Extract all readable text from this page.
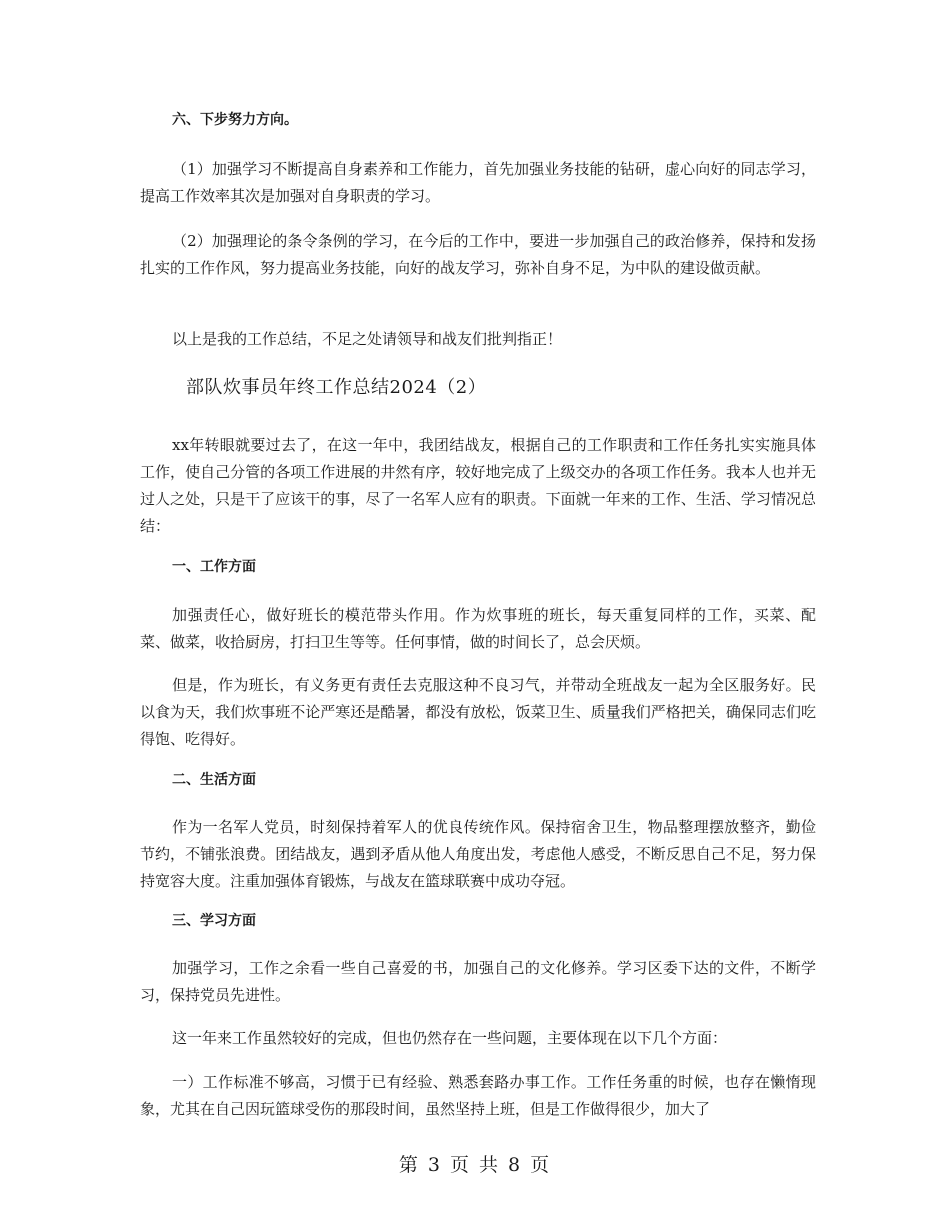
六、下步努力方向。

（1）加强学习不断提高自身素养和工作能力，首先加强业务技能的钻研，虚心向好的同志学习，提高工作效率其次是加强对自身职责的学习。

（2）加强理论的条令条例的学习，在今后的工作中，要进一步加强自己的政治修养，保持和发扬扎实的工作作风，努力提高业务技能，向好的战友学习，弥补自身不足，为中队的建设做贡献。

以上是我的工作总结，不足之处请领导和战友们批判指正！

部队炊事员年终工作总结2024（2）

xx年转眼就要过去了，在这一年中，我团结战友，根据自己的工作职责和工作任务扎实实施具体工作，使自己分管的各项工作进展的井然有序，较好地完成了上级交办的各项工作任务。我本人也并无过人之处，只是干了应该干的事，尽了一名军人应有的职责。下面就一年来的工作、生活、学习情况总结：

一、工作方面

加强责任心，做好班长的模范带头作用。作为炊事班的班长，每天重复同样的工作，买菜、配菜、做菜，收拾厨房，打扫卫生等等。任何事情，做的时间长了，总会厌烦。

但是，作为班长，有义务更有责任去克服这种不良习气，并带动全班战友一起为全区服务好。民以食为天，我们炊事班不论严寒还是酷暑，都没有放松，饭菜卫生、质量我们严格把关，确保同志们吃得饱、吃得好。

二、生活方面

作为一名军人党员，时刻保持着军人的优良传统作风。保持宿舍卫生，物品整理摆放整齐，勤俭节约，不铺张浪费。团结战友，遇到矛盾从他人角度出发，考虑他人感受，不断反思自己不足，努力保持宽容大度。注重加强体育锻炼，与战友在篮球联赛中成功夺冠。

三、学习方面

加强学习，工作之余看一些自己喜爱的书，加强自己的文化修养。学习区委下达的文件，不断学习，保持党员先进性。

这一年来工作虽然较好的完成，但也仍然存在一些问题，主要体现在以下几个方面：

一）工作标准不够高，习惯于已有经验、熟悉套路办事工作。工作任务重的时候，也存在懒惰现象，尤其在自己因玩篮球受伤的那段时间，虽然坚持上班，但是工作做得很少，加大了

第 3 页 共 8 页
